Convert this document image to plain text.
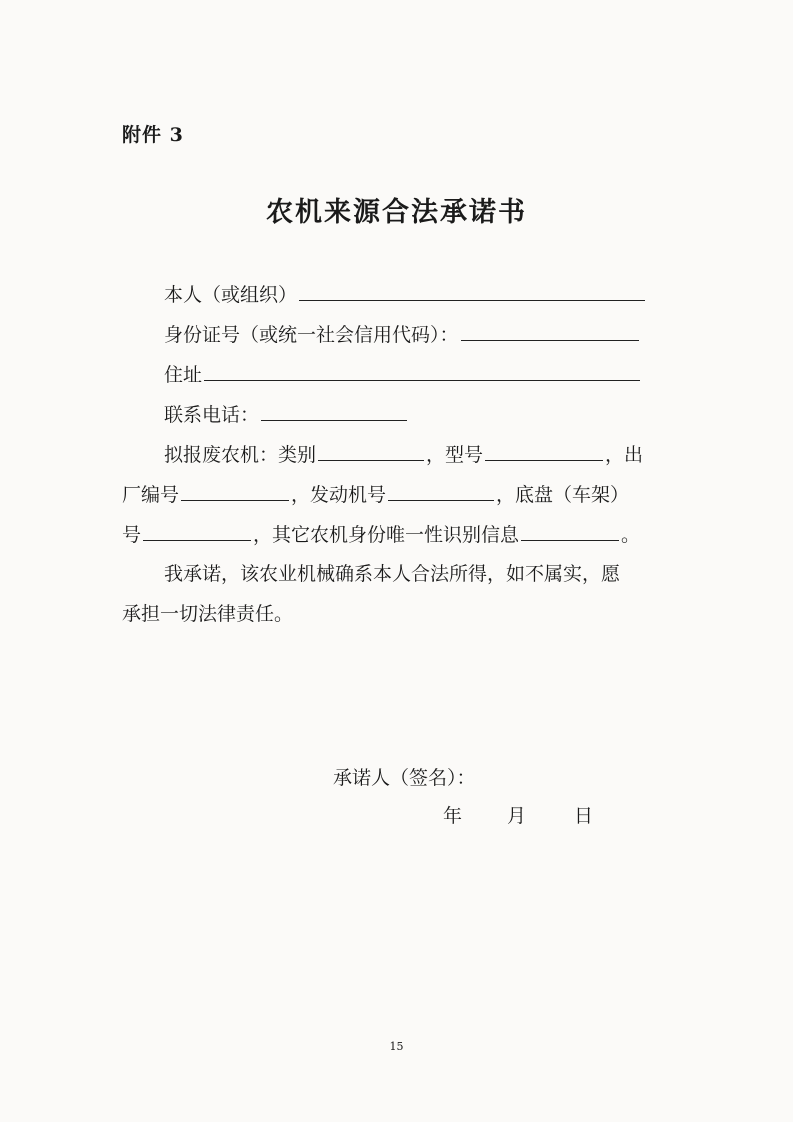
附件 3
农机来源合法承诺书
本人（或组织）
身份证号（或统一社会信用代码）：
住址
联系电话：
拟报废农机：类别	，型号	，出
厂编号	，发动机号	，底盘（车架）
号	，其它农机身份唯一性识别信息	。
我承诺，该农业机械确系本人合法所得，如不属实，愿
承担一切法律责任。
承诺人（签名）：
年 月	日
15
